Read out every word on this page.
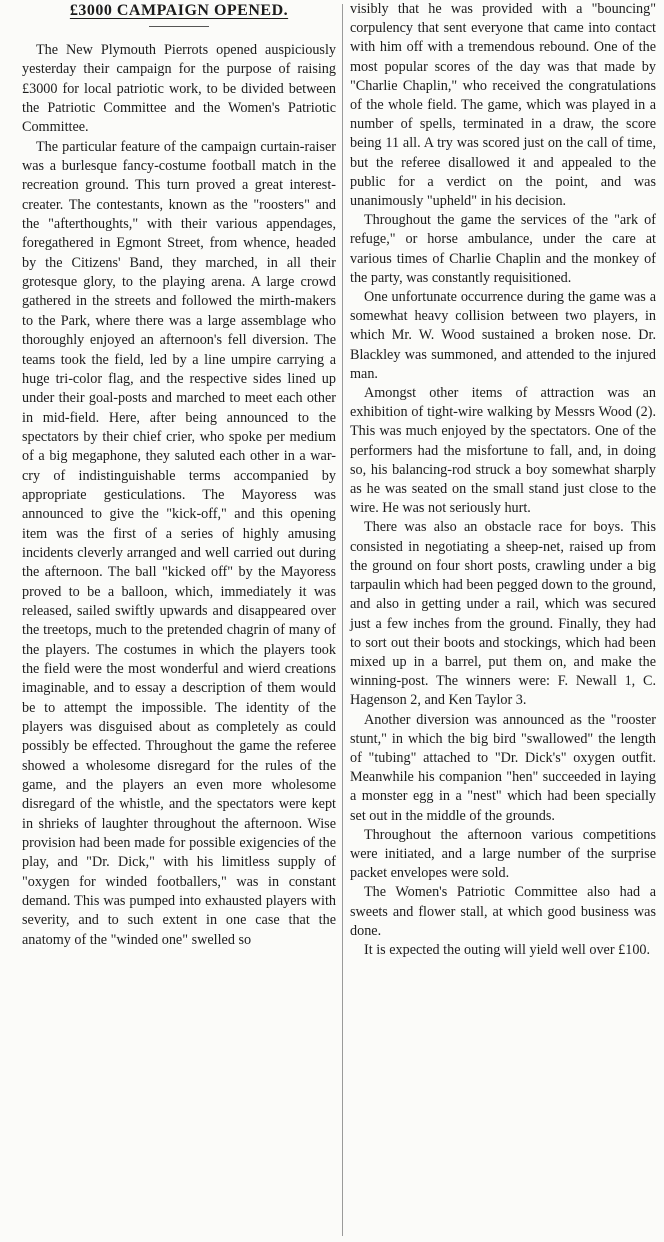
£3000 CAMPAIGN OPENED.

The New Plymouth Pierrots opened auspiciously yesterday their campaign for the purpose of raising £3000 for local patriotic work, to be divided between the Patriotic Committee and the Women's Patriotic Committee.

The particular feature of the campaign curtain-raiser was a burlesque fancy-costume football match in the recreation ground. This turn proved a great interest-creater. The contestants, known as the "roosters" and the "afterthoughts," with their various appendages, foregathered in Egmont Street, from whence, headed by the Citizens' Band, they marched, in all their grotesque glory, to the playing arena. A large crowd gathered in the streets and followed the mirth-makers to the Park, where there was a large assemblage who thoroughly enjoyed an afternoon's fell diversion. The teams took the field, led by a line umpire carrying a huge tri-color flag, and the respective sides lined up under their goal-posts and marched to meet each other in mid-field. Here, after being announced to the spectators by their chief crier, who spoke per medium of a big megaphone, they saluted each other in a war-cry of indistinguishable terms accompanied by appropriate gesticulations. The Mayoress was announced to give the "kick-off," and this opening item was the first of a series of highly amusing incidents cleverly arranged and well carried out during the afternoon. The ball "kicked off" by the Mayoress proved to be a balloon, which, immediately it was released, sailed swiftly upwards and disappeared over the treetops, much to the pretended chagrin of many of the players. The costumes in which the players took the field were the most wonderful and wierd creations imaginable, and to essay a description of them would be to attempt the impossible. The identity of the players was disguised about as completely as could possibly be effected. Throughout the game the referee showed a wholesome disregard for the rules of the game, and the players an even more wholesome disregard of the whistle, and the spectators were kept in shrieks of laughter throughout the afternoon. Wise provision had been made for possible exigencies of the play, and "Dr. Dick," with his limitless supply of "oxygen for winded footballers," was in constant demand. This was pumped into exhausted players with severity, and to such extent in one case that the anatomy of the "winded one" swelled so

visibly that he was provided with a "bouncing" corpulency that sent everyone that came into contact with him off with a tremendous rebound. One of the most popular scores of the day was that made by "Charlie Chaplin," who received the congratulations of the whole field. The game, which was played in a number of spells, terminated in a draw, the score being 11 all. A try was scored just on the call of time, but the referee disallowed it and appealed to the public for a verdict on the point, and was unanimously "upheld" in his decision.

Throughout the game the services of the "ark of refuge," or horse ambulance, under the care at various times of Charlie Chaplin and the monkey of the party, was constantly requisitioned.

One unfortunate occurrence during the game was a somewhat heavy collision between two players, in which Mr. W. Wood sustained a broken nose. Dr. Blackley was summoned, and attended to the injured man.

Amongst other items of attraction was an exhibition of tight-wire walking by Messrs Wood (2). This was much enjoyed by the spectators. One of the performers had the misfortune to fall, and, in doing so, his balancing-rod struck a boy somewhat sharply as he was seated on the small stand just close to the wire. He was not seriously hurt.

There was also an obstacle race for boys. This consisted in negotiating a sheep-net, raised up from the ground on four short posts, crawling under a big tarpaulin which had been pegged down to the ground, and also in getting under a rail, which was secured just a few inches from the ground. Finally, they had to sort out their boots and stockings, which had been mixed up in a barrel, put them on, and make the winning-post. The winners were: F. Newall 1, C. Hagenson 2, and Ken Taylor 3.

Another diversion was announced as the "rooster stunt," in which the big bird "swallowed" the length of "tubing" attached to "Dr. Dick's" oxygen outfit. Meanwhile his companion "hen" succeeded in laying a monster egg in a "nest" which had been specially set out in the middle of the grounds.

Throughout the afternoon various competitions were initiated, and a large number of the surprise packet envelopes were sold.

The Women's Patriotic Committee also had a sweets and flower stall, at which good business was done.

It is expected the outing will yield well over £100.
